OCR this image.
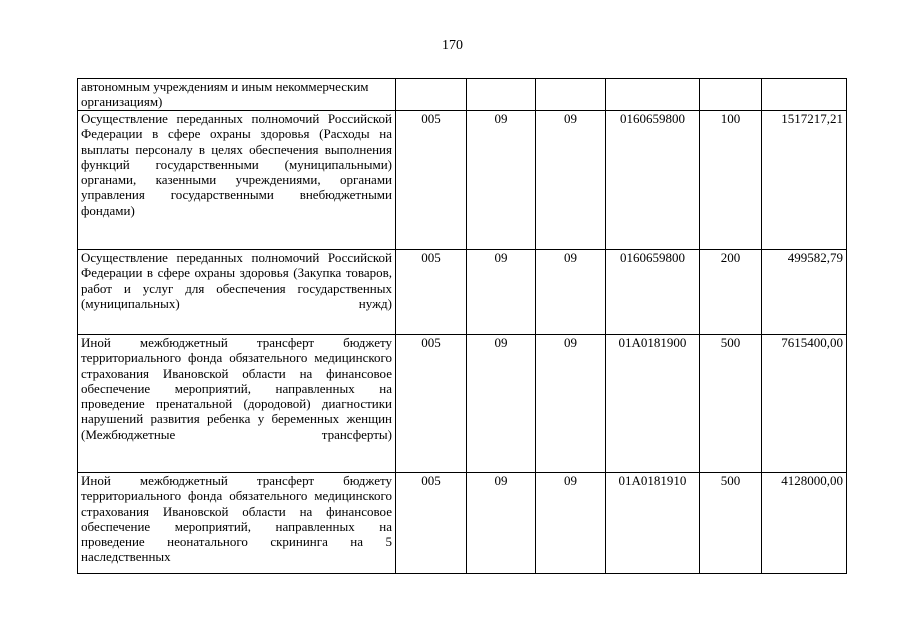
170
автономным учреждениям и иным некоммерческим организациям)						

Осуществление переданных полномочий Российской Федерации в сфере охраны здоровья (Расходы на выплаты персоналу в целях обеспечения выполнения функций государственными (муниципальными) органами, казенными учреждениями, органами управления государственными внебюджетными фондами)	005	09	09	0160659800	100	1517217,21
Осуществление переданных полномочий Российской Федерации в сфере охраны здоровья (Закупка товаров, работ и услуг для обеспечения государственных (муниципальных) нужд)	005	09	09	0160659800	200	499582,79
Иной межбюджетный трансферт бюджету территориального фонда обязательного медицинского страхования Ивановской области на финансовое обеспечение мероприятий, направленных на проведение пренатальной (дородовой) диагностики нарушений развития ребенка у беременных женщин (Межбюджетные трансферты)	005	09	09	01А0181900	500	7615400,00
Иной межбюджетный трансферт бюджету территориального фонда обязательного медицинского страхования Ивановской области на финансовое обеспечение мероприятий, направленных на проведение неонатального скрининга на 5 наследственных	005	09	09	01А0181910	500	4128000,00
